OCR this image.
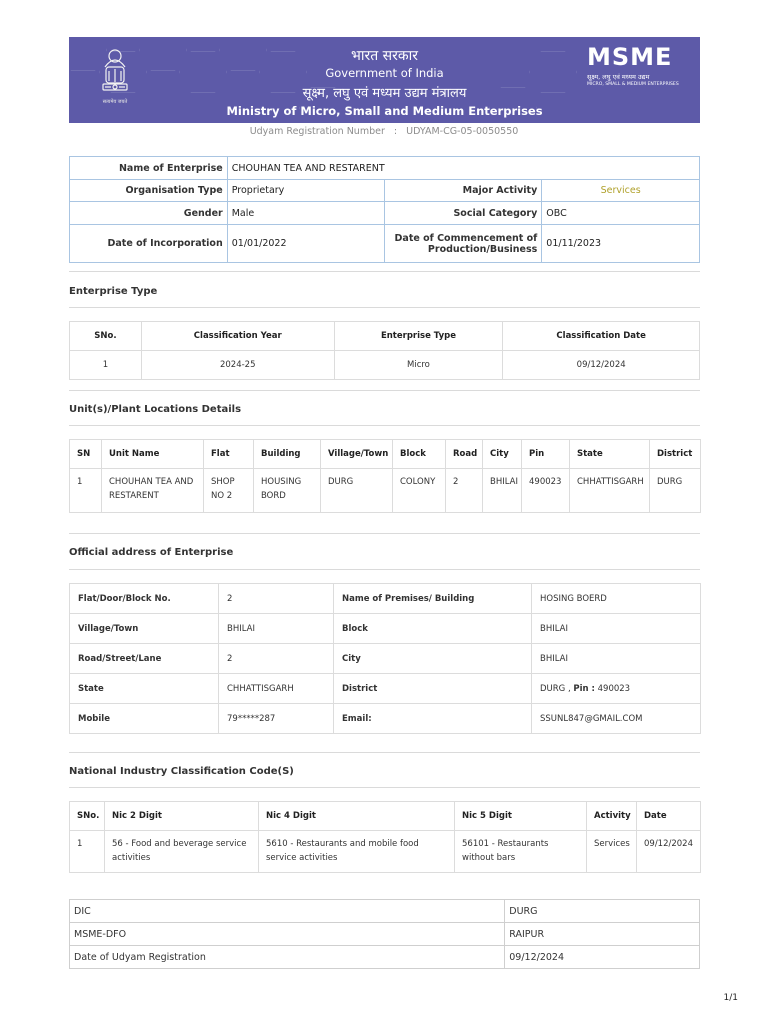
सत्यमेव जयते
भारत सरकार
Government of India
सूक्ष्म, लघु एवं मध्यम उद्यम मंत्रालय
Ministry of Micro, Small and Medium Enterprises
MSME
सूक्ष्म, लघु एवं मध्यम उद्यम
MICRO, SMALL & MEDIUM ENTERPRISES
Udyam Registration Number : UDYAM-CG-05-0050550
Name of Enterprise	CHOUHAN TEA AND RESTARENT		
Organisation Type	Proprietary	Major Activity	Services
Gender	Male	Social Category	OBC
Date of Incorporation	01/01/2022	Date of Commencement of
Production/Business	01/11/2023
Enterprise Type
SNo.	Classification Year	Enterprise Type	Classification Date
1	2024-25	Micro	09/12/2024
Unit(s)/Plant Locations Details
SN	Unit Name	Flat	Building	Village/Town	Block	Road	City	Pin	State	District
1	CHOUHAN TEA AND RESTARENT	SHOP NO 2	HOUSING BORD	DURG	COLONY	2	BHILAI	490023	CHHATTISGARH	DURG
Official address of Enterprise
Flat/Door/Block No.	2	Name of Premises/ Building	HOSING BOERD
Village/Town	BHILAI	Block	BHILAI
Road/Street/Lane	2	City	BHILAI
State	CHHATTISGARH	District	DURG , Pin : 490023
Mobile	79*****287	Email:	SSUNL847@GMAIL.COM
National Industry Classification Code(S)
SNo.	Nic 2 Digit	Nic 4 Digit	Nic 5 Digit	Activity	Date
1	56 - Food and beverage service activities	5610 - Restaurants and mobile food service activities	56101 - Restaurants without bars	Services	09/12/2024
DIC	DURG
MSME-DFO	RAIPUR
Date of Udyam Registration	09/12/2024
1/1
